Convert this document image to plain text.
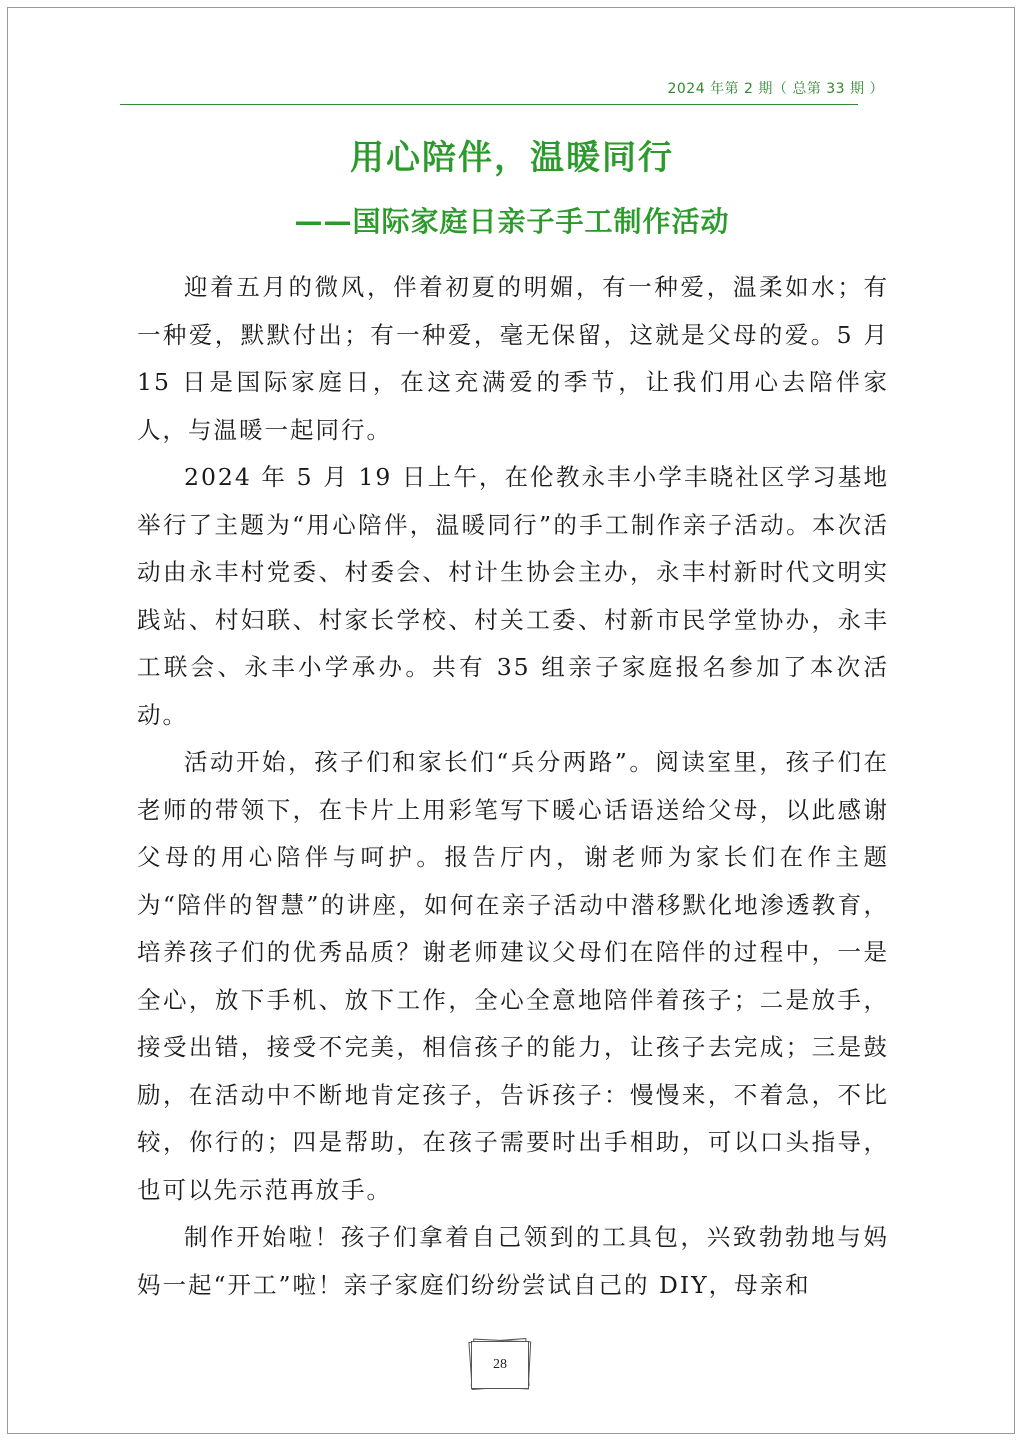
2024 年第 2 期（ 总第 33 期 ）
用心陪伴，温暖同行
——国际家庭日亲子手工制作活动

迎着五月的微风，伴着初夏的明媚，有一种爱，温柔如水；有一种爱，默默付出；有一种爱，毫无保留，这就是父母的爱。5 月 15 日是国际家庭日，在这充满爱的季节，让我们用心去陪伴家人，与温暖一起同行。

2024 年 5 月 19 日上午，在伦教永丰小学丰晓社区学习基地举行了主题为“用心陪伴，温暖同行”的手工制作亲子活动。本次活动由永丰村党委、村委会、村计生协会主办，永丰村新时代文明实践站、村妇联、村家长学校、村关工委、村新市民学堂协办，永丰工联会、永丰小学承办。共有 35 组亲子家庭报名参加了本次活动。

活动开始，孩子们和家长们“兵分两路”。阅读室里，孩子们在老师的带领下，在卡片上用彩笔写下暖心话语送给父母，以此感谢父母的用心陪伴与呵护。报告厅内，谢老师为家长们在作主题为“陪伴的智慧”的讲座，如何在亲子活动中潜移默化地渗透教育，培养孩子们的优秀品质？谢老师建议父母们在陪伴的过程中，一是全心，放下手机、放下工作，全心全意地陪伴着孩子；二是放手，接受出错，接受不完美，相信孩子的能力，让孩子去完成；三是鼓励，在活动中不断地肯定孩子，告诉孩子：慢慢来，不着急，不比较，你行的；四是帮助，在孩子需要时出手相助，可以口头指导，也可以先示范再放手。

制作开始啦！孩子们拿着自己领到的工具包，兴致勃勃地与妈妈一起“开工”啦！亲子家庭们纷纷尝试自己的 DIY，母亲和

28
